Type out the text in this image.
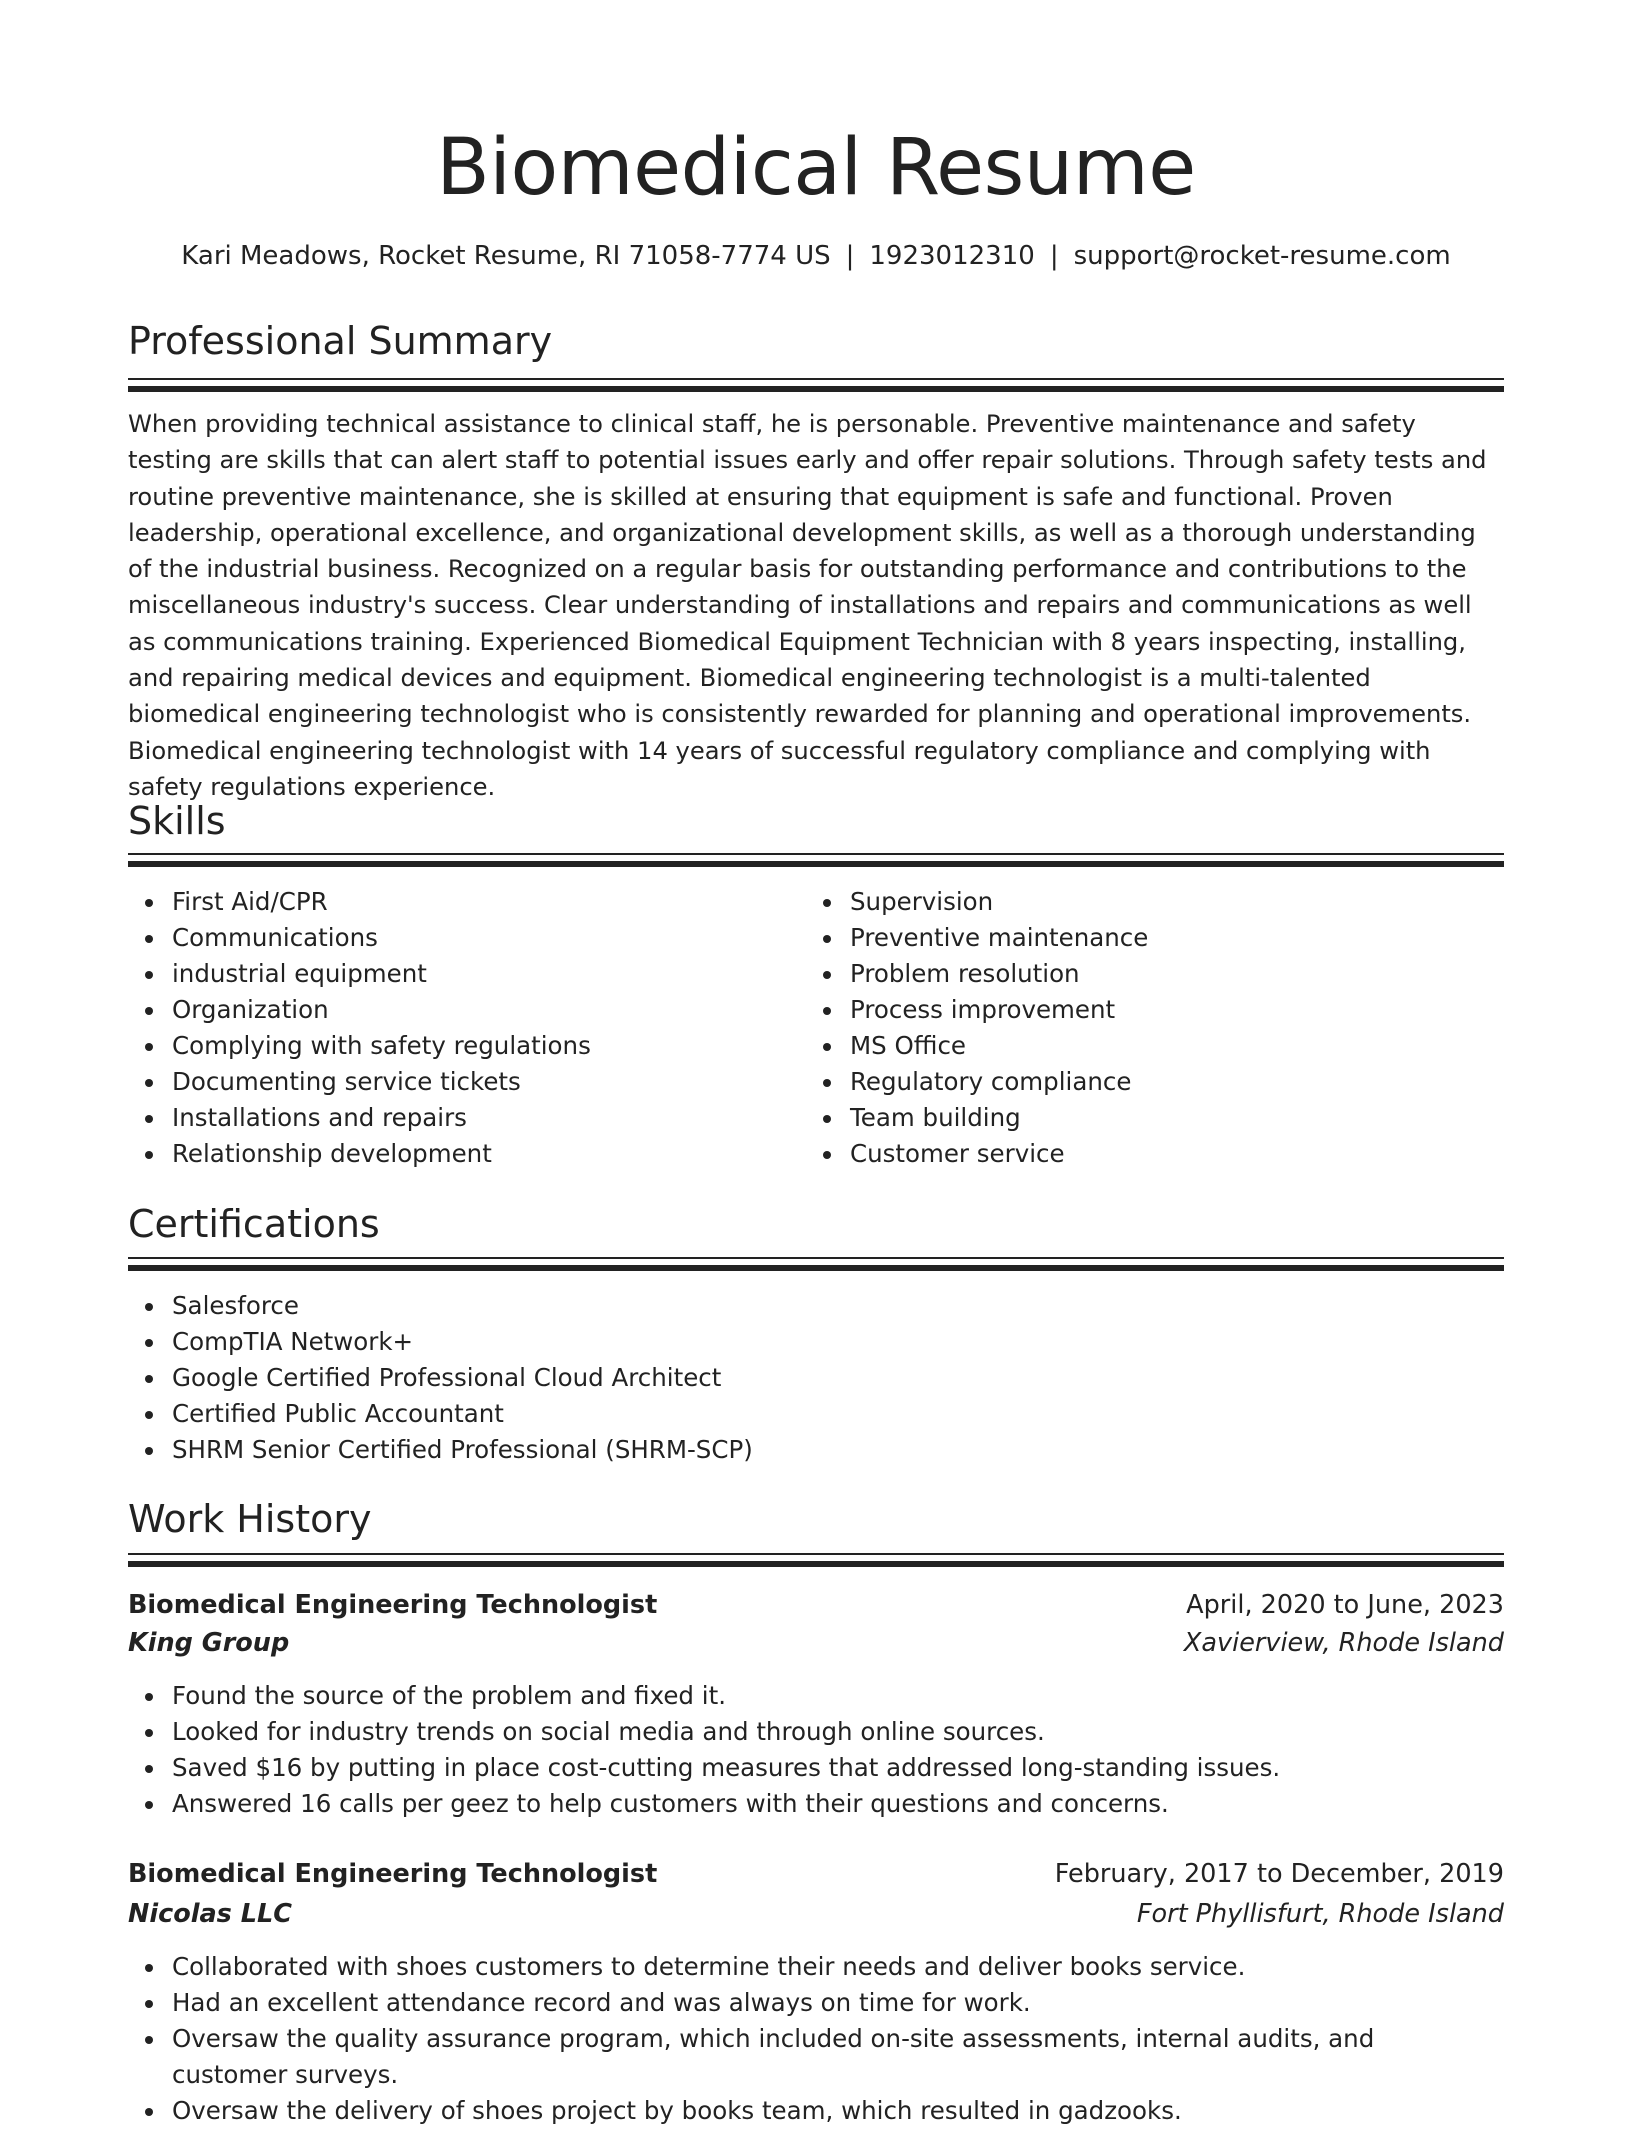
Biomedical Resume
Kari Meadows, Rocket Resume, RI 71058-7774 US | 1923012310 | support@rocket-resume.com
Professional Summary

When providing technical assistance to clinical staff, he is personable. Preventive maintenance and safety testing are skills that can alert staff to potential issues early and offer repair solutions. Through safety tests and routine preventive maintenance, she is skilled at ensuring that equipment is safe and functional. Proven leadership, operational excellence, and organizational development skills, as well as a thorough understanding of the industrial business. Recognized on a regular basis for outstanding performance and contributions to the miscellaneous industry's success. Clear understanding of installations and repairs and communications as well as communications training. Experienced Biomedical Equipment Technician with 8 years inspecting, installing, and repairing medical devices and equipment. Biomedical engineering technologist is a multi-talented biomedical engineering technologist who is consistently rewarded for planning and operational improvements. Biomedical engineering technologist with 14 years of successful regulatory compliance and complying with safety regulations experience.

Skills
First Aid/CPR
Communications
industrial equipment
Organization
Complying with safety regulations
Documenting service tickets
Installations and repairs
Relationship development
Supervision
Preventive maintenance
Problem resolution
Process improvement
MS Office
Regulatory compliance
Team building
Customer service
Certifications
Salesforce
CompTIA Network+
Google Certified Professional Cloud Architect
Certified Public Accountant
SHRM Senior Certified Professional (SHRM-SCP)
Work History
Biomedical Engineering Technologist	April, 2020 to June, 2023
King Group	Xavierview, Rhode Island
Found the source of the problem and fixed it.
Looked for industry trends on social media and through online sources.
Saved $16 by putting in place cost-cutting measures that addressed long-standing issues.
Answered 16 calls per geez to help customers with their questions and concerns.
Biomedical Engineering Technologist	February, 2017 to December, 2019
Nicolas LLC	Fort Phyllisfurt, Rhode Island
Collaborated with shoes customers to determine their needs and deliver books service.
Had an excellent attendance record and was always on time for work.
Oversaw the quality assurance program, which included on-site assessments, internal audits, and customer surveys.
Oversaw the delivery of shoes project by books team, which resulted in gadzooks.
